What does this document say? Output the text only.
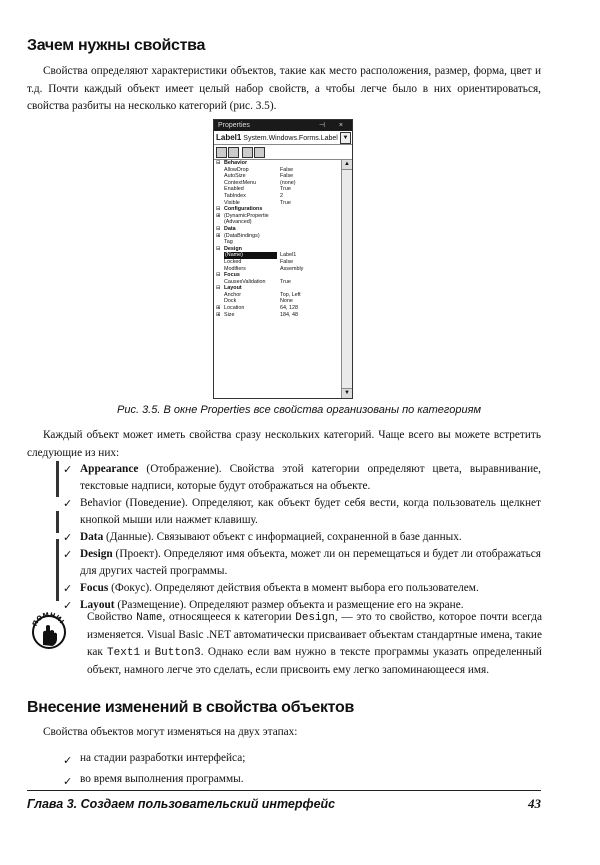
Зачем нужны свойства
Свойства определяют характеристики объектов, такие как место расположения, размер, форма, цвет и т.д. Почти каждый объект имеет целый набор свойств, а чтобы легче было в них ориентироваться, свойства разбиты на несколько категорий (рис. 3.5).
Properties	⊣ ×
Label1 System.Windows.Forms.Label ▼
⊟ Behavior
AllowDrop	False
AutoSize	False
ContextMenu	(none)
Enabled	True
TabIndex	2
Visible	True
⊟ Configurations
⊞ (DynamicPropertie
(Advanced)
⊟ Data
⊞ (DataBindings)
Tag
⊟ Design
(Name)	Label1
Locked	False
Modifiers	Assembly
⊟ Focus
CausesValidation	True
⊟ Layout
Anchor	Top, Left
Dock	None
⊞ Location	64, 128
⊞ Size	184, 48
▲
▼
Рис. 3.5. В окне Properties все свойства организованы по категориям
Каждый объект может иметь свойства сразу нескольких категорий. Чаще всего вы можете встретить следующие из них:
✓ Appearance (Отображение). Свойства этой категории определяют цвета, выравнивание, текстовые надписи, которые будут отображаться на объекте.
✓ Behavior (Поведение). Определяют, как объект будет себя вести, когда пользователь щелкнет кнопкой мыши или нажмет клавишу.
✓ Data (Данные). Связывают объект с информацией, сохраненной в базе данных.
✓ Design (Проект). Определяют имя объекта, может ли он перемещаться и будет ли отображаться для других частей программы.
✓ Focus (Фокус). Определяют действия объекта в момент выбора его пользователем.
✓ Layout (Размещение). Определяют размер объекта и размещение его на экране.
ПОМНИ! Свойство Name, относящееся к категории Design, — это то свойство, которое почти всегда изменяется. Visual Basic .NET автоматически присваивает объектам стандартные имена, такие как Text1 и Button3. Однако если вам нужно в тексте программы указать определенный объект, намного легче это сделать, если присвоить ему легко запоминающееся имя.
Внесение изменений в свойства объектов
Свойства объектов могут изменяться на двух этапах:
✓ на стадии разработки интерфейса;
✓ во время выполнения программы.
Глава 3. Создаем пользовательский интерфейс	43
